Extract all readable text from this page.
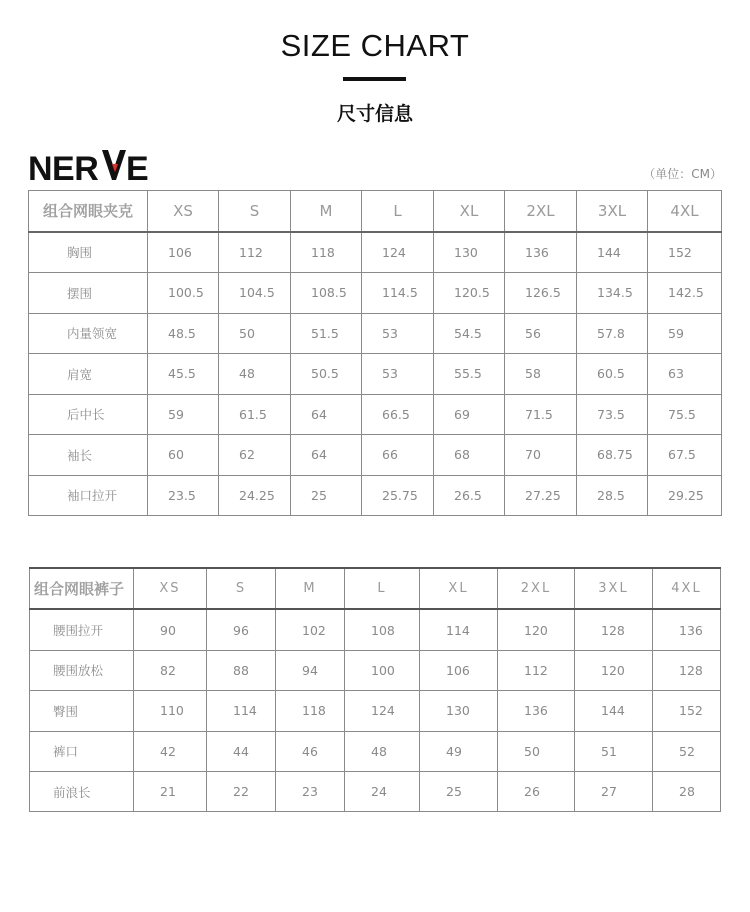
SIZE CHART
尺寸信息
NER E	（单位：CM）
组合网眼夹克	XS	S	M	L	XL	2XL	3XL	4XL
胸围	106	112	118	124	130	136	144	152
摆围	100.5	104.5	108.5	114.5	120.5	126.5	134.5	142.5
内量领宽	48.5	50	51.5	53	54.5	56	57.8	59
肩宽	45.5	48	50.5	53	55.5	58	60.5	63
后中长	59	61.5	64	66.5	69	71.5	73.5	75.5
袖长	60	62	64	66	68	70	68.75	67.5
袖口拉开	23.5	24.25	25	25.75	26.5	27.25	28.5	29.25
组合网眼裤子	XS	S	M	L	XL	2XL	3XL	4XL
腰围拉开	90	96	102	108	114	120	128	136
腰围放松	82	88	94	100	106	112	120	128
臀围	110	114	118	124	130	136	144	152
裤口	42	44	46	48	49	50	51	52
前浪长	21	22	23	24	25	26	27	28
